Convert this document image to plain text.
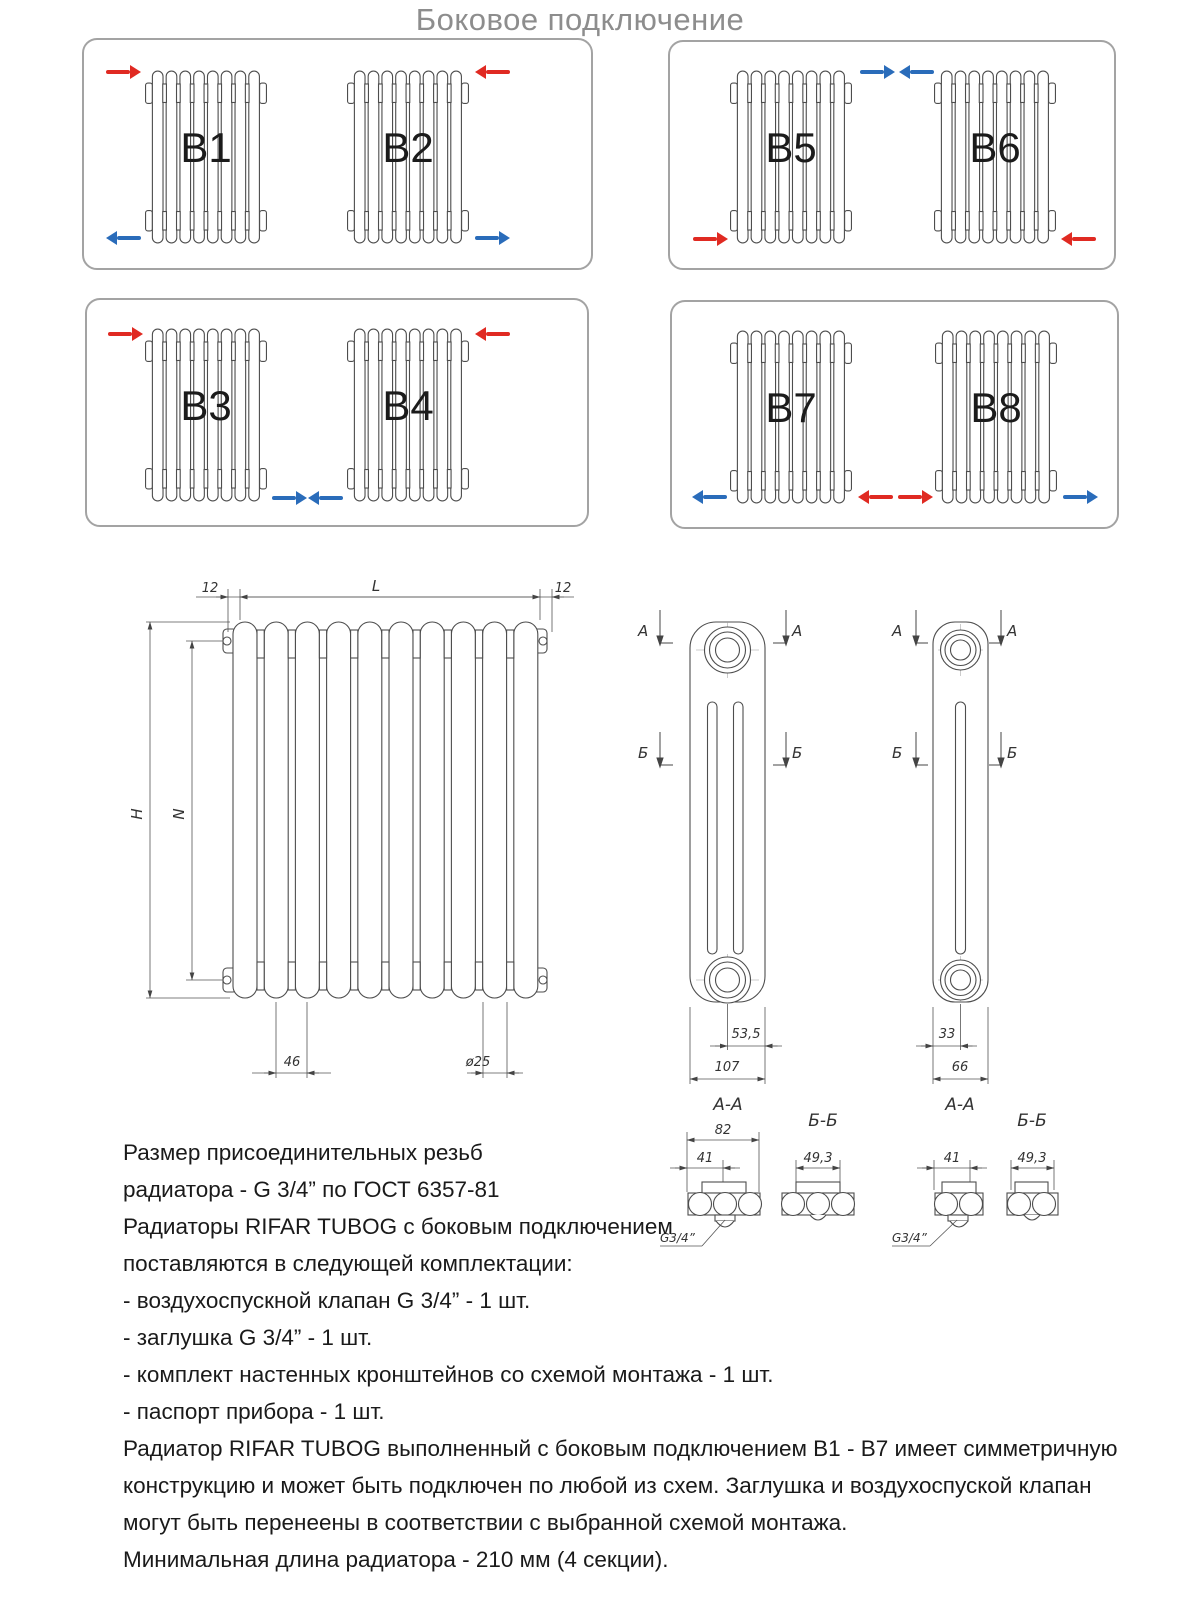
Боковое подключение
B1	B2	B5	B6
B3	B4	B7	B8
12	L	12
H N
46	ø25
А	А
Б	Б
А	А
Б	Б
53,5
107
33
66
А-А
Б-Б
82
41	49,3
G3/4”
А-А
Б-Б
41	49,3
G3/4”

Размер присоединительных резьб

радиатора - G 3/4” по ГОСТ 6357-81

Радиаторы RIFAR TUBOG с боковым подключением

поставляются в следующей комплектации:

- воздухоспускной клапан G 3/4” - 1 шт.

- заглушка G 3/4” - 1 шт.

- комплект настенных кронштейнов со схемой монтажа - 1 шт.

- паспорт прибора - 1 шт.

Радиатор RIFAR TUBOG выполненный с боковым подключением B1 - B7 имеет симметричную

конструкцию и может быть подключен по любой из схем. Заглушка и воздухоспуской клапан

могут быть перенеены в соответствии с выбранной схемой монтажа.

Минимальная длина радиатора - 210 мм (4 секции).
